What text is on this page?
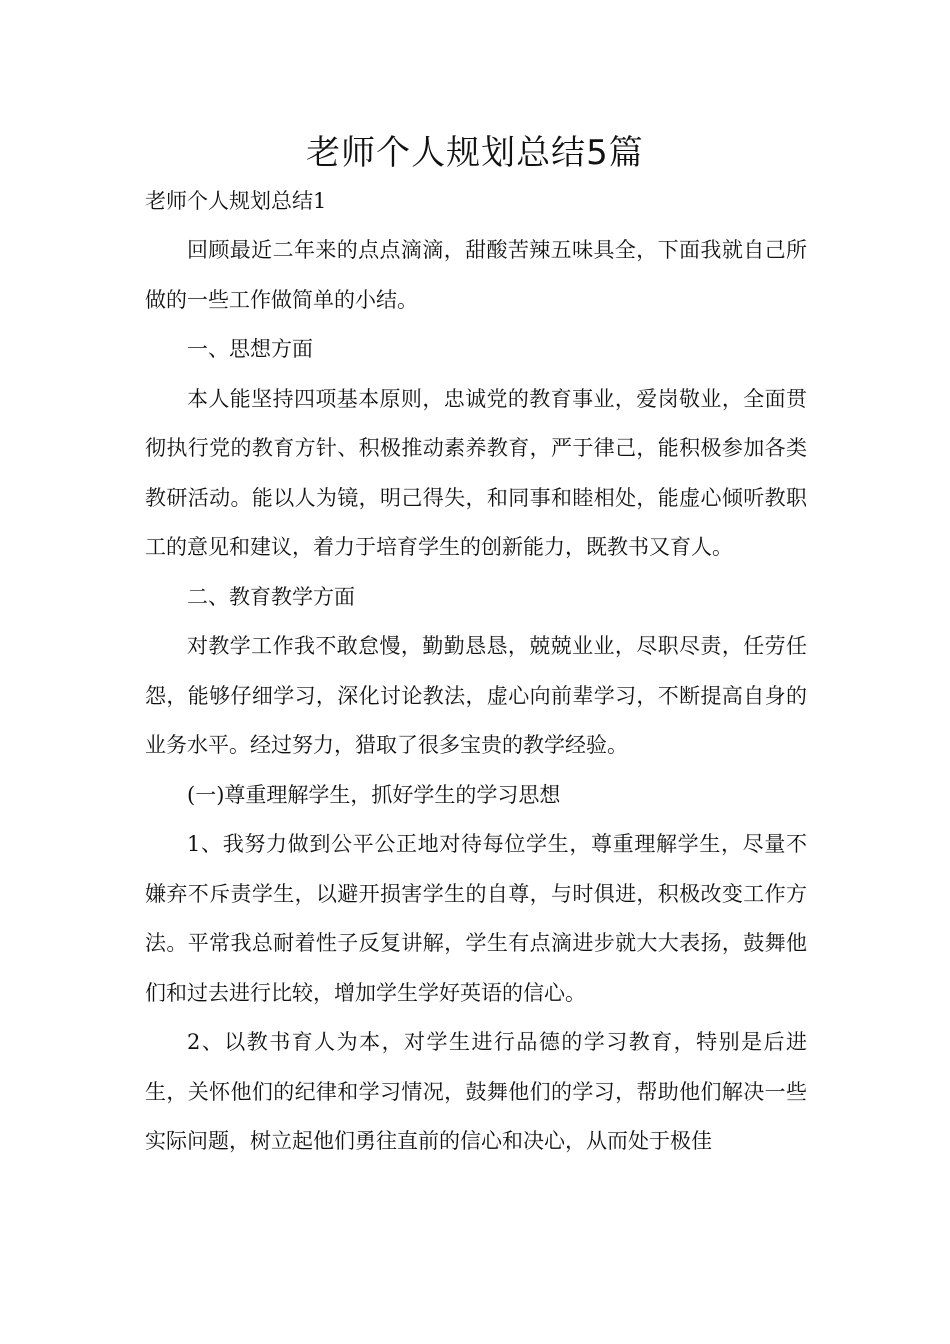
老师个人规划总结5篇

老师个人规划总结1

回顾最近二年来的点点滴滴，甜酸苦辣五味具全，下面我就自己所做的一些工作做简单的小结。

一、思想方面

本人能坚持四项基本原则，忠诚党的教育事业，爱岗敬业，全面贯彻执行党的教育方针、积极推动素养教育，严于律己，能积极参加各类教研活动。能以人为镜，明己得失，和同事和睦相处，能虚心倾听教职工的意见和建议，着力于培育学生的创新能力，既教书又育人。

二、教育教学方面

对教学工作我不敢怠慢，勤勤恳恳，兢兢业业，尽职尽责，任劳任怨，能够仔细学习，深化讨论教法，虚心向前辈学习，不断提高自身的业务水平。经过努力，猎取了很多宝贵的教学经验。

(一)尊重理解学生，抓好学生的学习思想

1、我努力做到公平公正地对待每位学生，尊重理解学生，尽量不嫌弃不斥责学生，以避开损害学生的自尊，与时俱进，积极改变工作方法。平常我总耐着性子反复讲解，学生有点滴进步就大大表扬，鼓舞他们和过去进行比较，增加学生学好英语的信心。

2、以教书育人为本，对学生进行品德的学习教育，特别是后进生，关怀他们的纪律和学习情况，鼓舞他们的学习，帮助他们解决一些实际问题，树立起他们勇往直前的信心和决心，从而处于极佳
